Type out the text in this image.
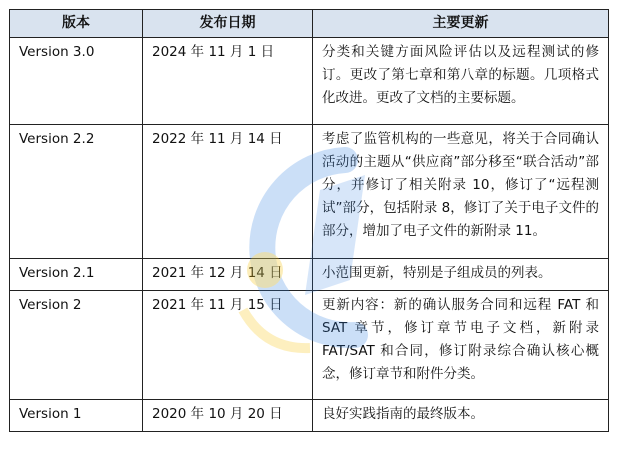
版本	发布日期	主要更新
Version 3.0	2024 年 11 月 1 日	分类和关键方面风险评估以及远程测试的修订。更改了第七章和第八章的标题。几项格式化改进。更改了文档的主要标题。
Version 2.2	2022 年 11 月 14 日	考虑了监管机构的一些意见，将关于合同确认活动的主题从“供应商”部分移至“联合活动”部分，并修订了相关附录 10，修订了“远程测试”部分，包括附录 8，修订了关于电子文件的部分，增加了电子文件的新附录 11。
Version 2.1	2021 年 12 月 14 日	小范围更新，特别是子组成员的列表。
Version 2	2021 年 11 月 15 日	更新内容：新的确认服务合同和远程 FAT 和 SAT 章节，修订章节电子文档，新附录 FAT/SAT 和合同，修订附录综合确认核心概念，修订章节和附件分类。
Version 1	2020 年 10 月 20 日	良好实践指南的最终版本。
